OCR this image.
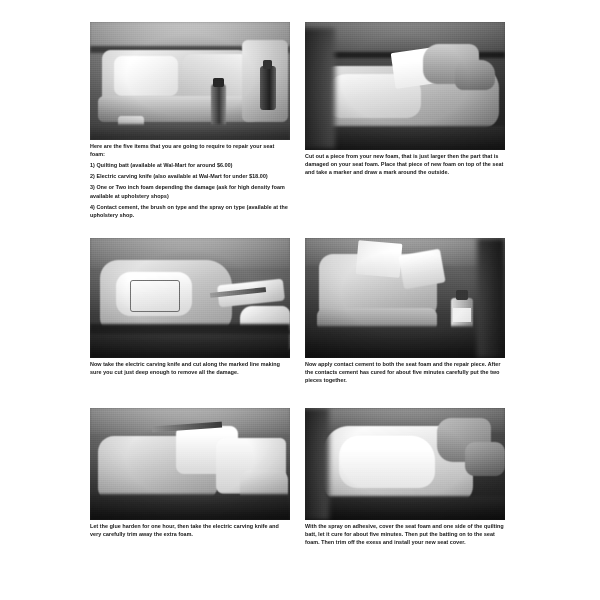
Here are the five items that you are going to require to repair your seat foam:

1) Quilting batt (available at Wal-Mart for around $6.00)

2) Electric carving knife (also available at Wal-Mart for under $18.00)

3) One or Two inch foam depending the damage (ask for high density foam available at upholstery shops)

4) Contact cement, the brush on type and the spray on type (available at the upholstery shop.

Cut out a piece from your new foam, that is just larger then the part that is damaged on your seat foam. Place that piece of new foam on top of the seat and take a marker and draw a mark around the outside.

Now take the electric carving knife and cut along the marked line making sure you cut just deep enough to remove all the damage.

Now apply contact cement to both the seat foam and the repair piece. After the contacts cement has cured for about five minutes carefully put the two pieces together.

Let the glue harden for one hour, then take the electric carving knife and very carefully trim away the extra foam.

With the spray on adhesive, cover the seat foam and one side of the quilting batt, let it cure for about five minutes. Then put the batting on to the seat foam. Then trim off the exess and install your new seat cover.
